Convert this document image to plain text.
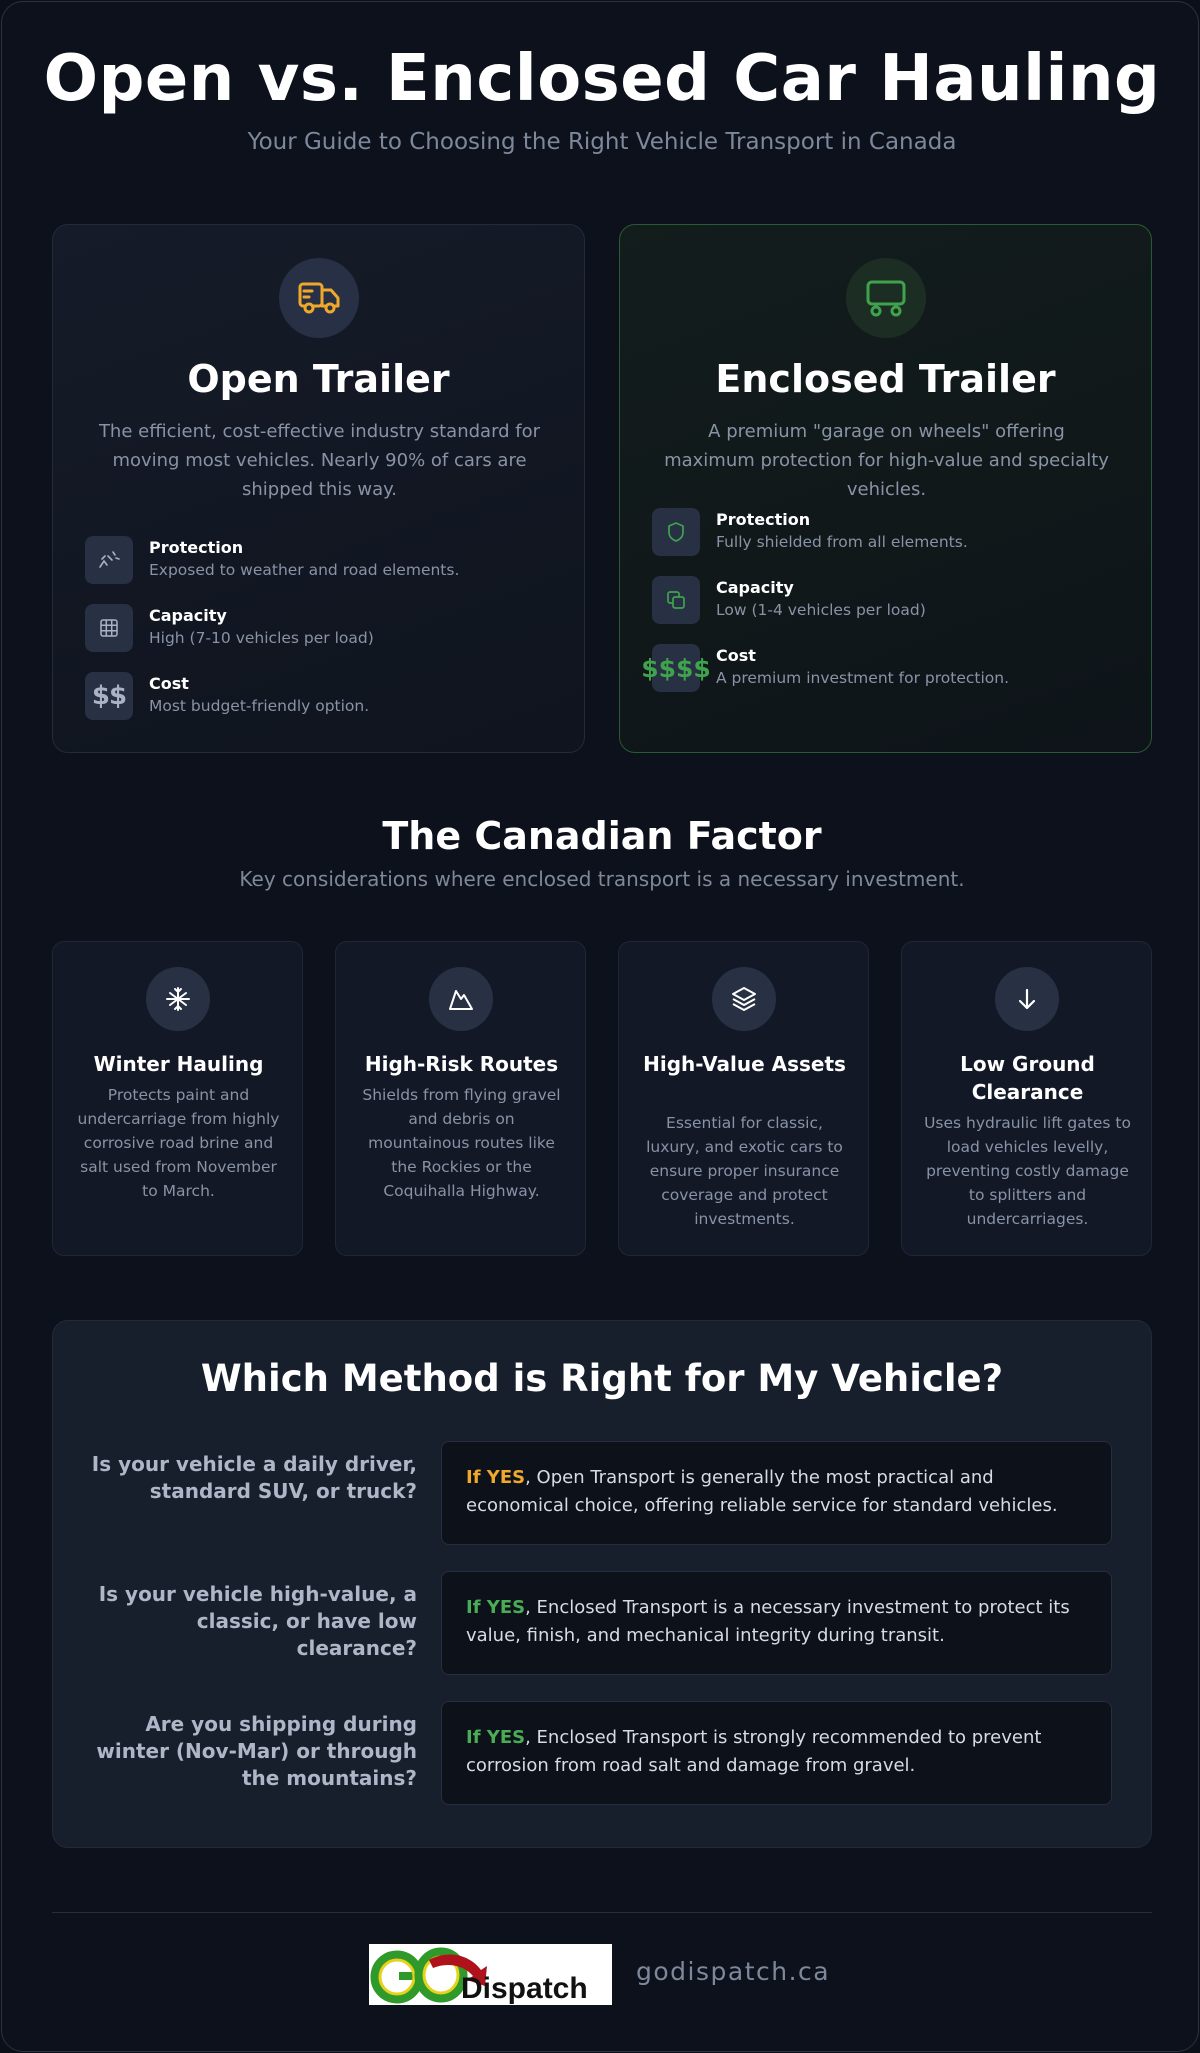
Open vs. Enclosed Car Hauling
Your Guide to Choosing the Right Vehicle Transport in Canada
Open Trailer
The efficient, cost-effective industry standard for moving most vehicles. Nearly 90% of cars are shipped this way.
Protection
Exposed to weather and road elements.
Capacity
High (7-10 vehicles per load)
$$ Cost
Most budget-friendly option.
Enclosed Trailer
A premium "garage on wheels" offering maximum protection for high-value and specialty vehicles.
Protection
Fully shielded from all elements.
Capacity
Low (1-4 vehicles per load)
$$$$ Cost
A premium investment for protection.
The Canadian Factor
Key considerations where enclosed transport is a necessary investment.
Winter Hauling

Protects paint and undercarriage from highly corrosive road brine and salt used from November to March.

High-Risk Routes

Shields from flying gravel and debris on mountainous routes like the Rockies or the Coquihalla Highway.

High-Value Assets

Essential for classic, luxury, and exotic cars to ensure proper insurance coverage and protect investments.

Low Ground Clearance

Uses hydraulic lift gates to load vehicles levelly, preventing costly damage to splitters and undercarriages.

Which Method is Right for My Vehicle?
Is your vehicle a daily driver, standard SUV, or truck?
If YES, Open Transport is generally the most practical and economical choice, offering reliable service for standard vehicles.
Is your vehicle high-value, a classic, or have low clearance?
If YES, Enclosed Transport is a necessary investment to protect its value, finish, and mechanical integrity during transit.
Are you shipping during winter (Nov-Mar) or through the mountains?
If YES, Enclosed Transport is strongly recommended to prevent corrosion from road salt and damage from gravel.
Dispatch
godispatch.ca
